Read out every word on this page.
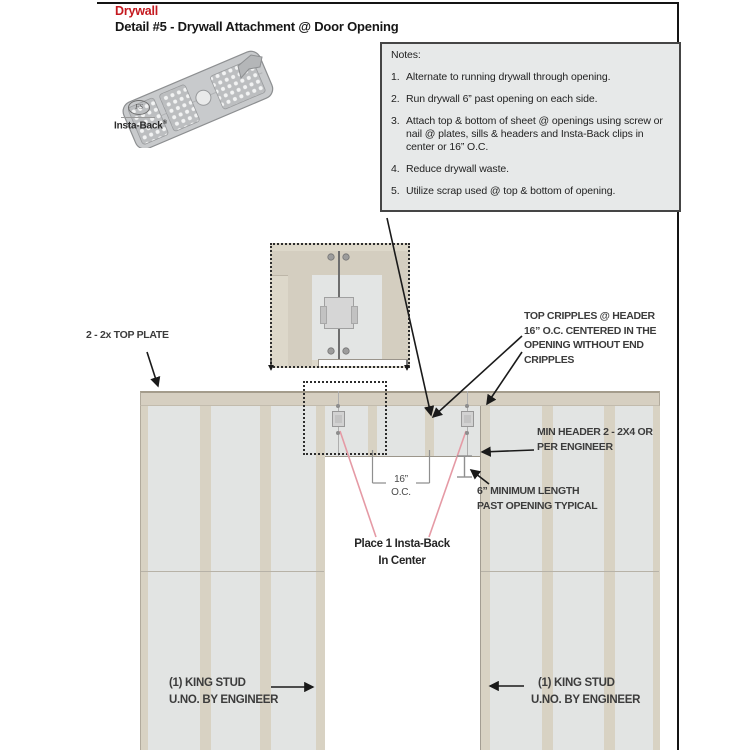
Drywall
Detail #5 - Drywall Attachment @ Door Opening
FS
Insta-Back®
Notes:
1. Alternate to running drywall through opening.
2. Run drywall 6” past opening on each side.
3. Attach top & bottom of sheet @ openings using screw or nail @ plates, sills & headers and Insta-Back clips in center or 16” O.C.
4. Reduce drywall waste.
5. Utilize scrap used @ top & bottom of opening.
2 - 2x TOP PLATE
TOP CRIPPLES @ HEADER
16” O.C. CENTERED IN THE
OPENING WITHOUT END
CRIPPLES
MIN HEADER 2 - 2X4 OR
PER ENGINEER
6” MINIMUM LENGTH
PAST OPENING TYPICAL
Place 1 Insta-Back
In Center
(1) KING STUD
U.NO. BY ENGINEER
(1) KING STUD
U.NO. BY ENGINEER
16”
O.C.
